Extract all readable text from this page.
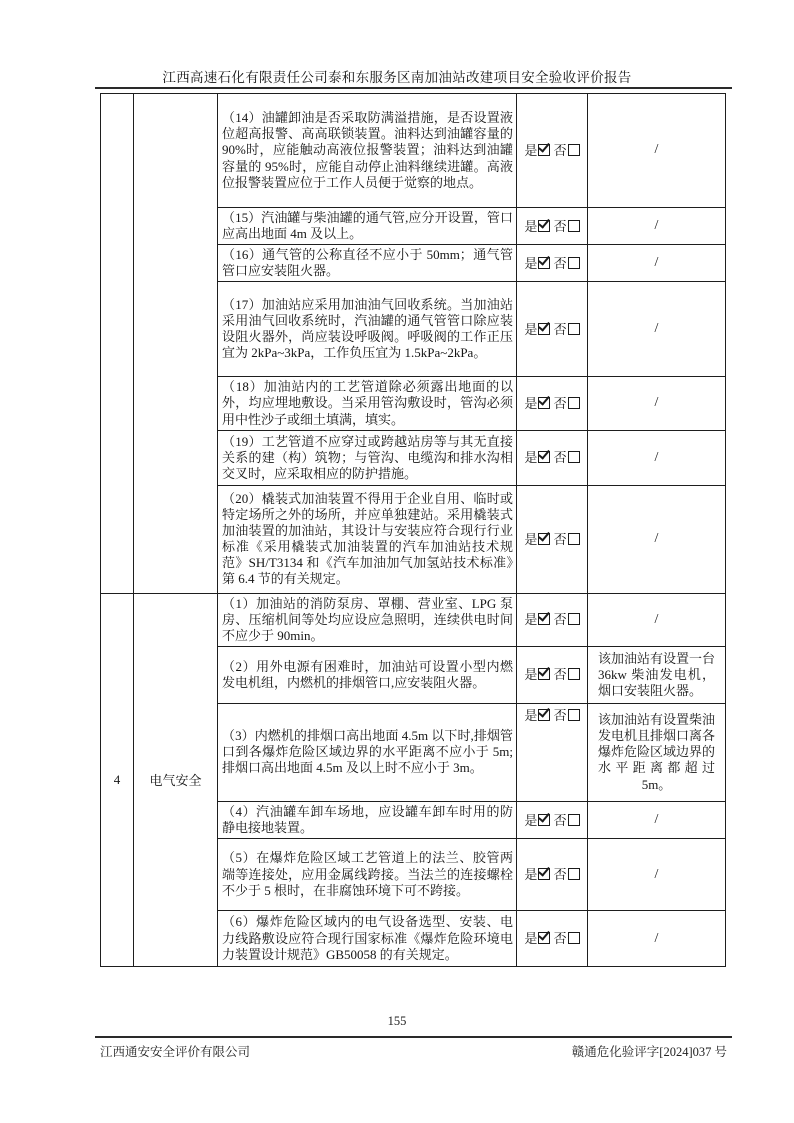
江西高速石化有限责任公司泰和东服务区南加油站改建项目安全验收评价报告
		（14）油罐卸油是否采取防满溢措施，是否设置液位超高报警、高高联锁装置。油料达到油罐容量的 90%时，应能触动高液位报警装置；油料达到油罐容量的 95%时，应能自动停止油料继续进罐。高液位报警装置应位于工作人员便于觉察的地点。	是 否	/
		（15）汽油罐与柴油罐的通气管,应分开设置，管口应高出地面 4m 及以上。	是 否	/
		（16）通气管的公称直径不应小于 50mm；通气管管口应安装阻火器。	是 否	/
		（17）加油站应采用加油油气回收系统。当加油站采用油气回收系统时，汽油罐的通气管管口除应装设阻火器外，尚应装设呼吸阀。呼吸阀的工作正压宜为 2kPa~3kPa，工作负压宜为 1.5kPa~2kPa。	是 否	/
		（18）加油站内的工艺管道除必须露出地面的以外，均应埋地敷设。当采用管沟敷设时，管沟必须用中性沙子或细土填满，填实。	是 否	/
		（19）工艺管道不应穿过或跨越站房等与其无直接关系的建（构）筑物；与管沟、电缆沟和排水沟相交叉时，应采取相应的防护措施。	是 否	/
		（20）橇装式加油装置不得用于企业自用、临时或特定场所之外的场所，并应单独建站。采用橇装式加油装置的加油站，其设计与安装应符合现行行业标准《采用橇装式加油装置的汽车加油站技术规范》SH/T3134 和《汽车加油加气加氢站技术标准》第 6.4 节的有关规定。	是 否	/
4	电气安全	（1）加油站的消防泵房、罩棚、营业室、LPG 泵房、压缩机间等处均应设应急照明，连续供电时间不应少于 90min。	是 否	/
		（2）用外电源有困难时，加油站可设置小型内燃发电机组，内燃机的排烟管口,应安装阻火器。	是 否	该加油站有设置一台 36kw 柴油发电机，烟口安装阻火器。
		（3）内燃机的排烟口高出地面 4.5m 以下时,排烟管口到各爆炸危险区域边界的水平距离不应小于 5m;排烟口高出地面 4.5m 及以上时不应小于 3m。	是 否	该加油站有设置柴油发电机且排烟口离各爆炸危险区域边界的水平距离都超过 5m。
		（4）汽油罐车卸车场地，应设罐车卸车时用的防静电接地装置。	是 否	/
		（5）在爆炸危险区域工艺管道上的法兰、胶管两端等连接处，应用金属线跨接。当法兰的连接螺栓不少于 5 根时，在非腐蚀环境下可不跨接。	是 否	/
		（6）爆炸危险区域内的电气设备选型、安装、电力线路敷设应符合现行国家标准《爆炸危险环境电力装置设计规范》GB50058 的有关规定。	是 否	/
155
江西通安安全评价有限公司	赣通危化验评字[2024]037 号
